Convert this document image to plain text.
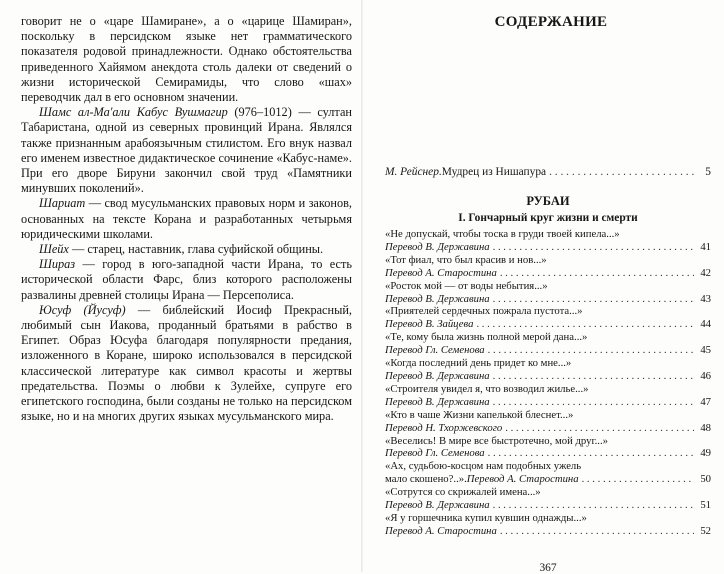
говорит не о «царе Шамиране», а о «царице Шамиран», поскольку в персидском языке нет грамматического показателя родовой принадлежности. Однако обстоятельства приведенного Хайямом анекдота столь далеки от сведений о жизни исторической Семирамиды, что слово «шах» переводчик дал в его основном значении.

Шамс ал-Ма'али Кабус Вушмагир (976–1012) — султан Табаристана, одной из северных провинций Ирана. Являлся также признанным арабоязычным стилистом. Его внук назвал его именем известное дидактическое сочинение «Кабус-наме». При его дворе Бируни закончил свой труд «Памятники минувших поколений».

Шариат — свод мусульманских правовых норм и законов, основанных на тексте Корана и разработанных четырьмя юридическими школами.

Шейх — старец, наставник, глава суфийской общины.

Шираз — город в юго-западной части Ирана, то есть исторической области Фарс, близ которого расположены развалины древней столицы Ирана — Персеполиса.

Юсуф (Йусуф) — библейский Иосиф Прекрасный, любимый сын Иакова, проданный братьями в рабство в Египет. Образ Юсуфа благодаря популярности предания, изложенного в Коране, широко использовался в персидской классической литературе как символ красоты и жертвы предательства. Поэмы о любви к Зулейхе, супруге его египетского господина, были созданы не только на персидском языке, но и на многих других языках мусульманского мира.

СОДЕРЖАНИЕ
М. Рейснер. Мудрец из Нишапура . . .	5
РУБАИ
I. Гончарный круг жизни и смерти
«Не допускай, чтобы тоска в груди твоей кипела...»
Перевод В. Державина . . .	41
«Тот фиал, что был красив и нов...»
Перевод А. Старостина . . .	42
«Росток мой — от воды небытия...»
Перевод В. Державина . . .	43
«Приятелей сердечных пожрала пустота...»
Перевод В. Зайцева . . .	44
«Те, кому была жизнь полной мерой дана...»
Перевод Гл. Семенова . . .	45
«Когда последний день придет ко мне...»
Перевод В. Державина . . .	46
«Строителя увидел я, что возводил жилье...»
Перевод В. Державина . . .	47
«Кто в чаше Жизни капелькой блеснет...»
Перевод Н. Тхоржевского . . .	48
«Веселись! В мире все быстротечно, мой друг...»
Перевод Гл. Семенова . . .	49
«Ах, судьбою-косцом нам подобных ужель
мало скошено?..». Перевод А. Старостина . . .	50
«Сотрутся со скрижалей имена...»
Перевод В. Державина . . .	51
«Я у горшечника купил кувшин однажды...»
Перевод А. Старостина . . .	52
367
